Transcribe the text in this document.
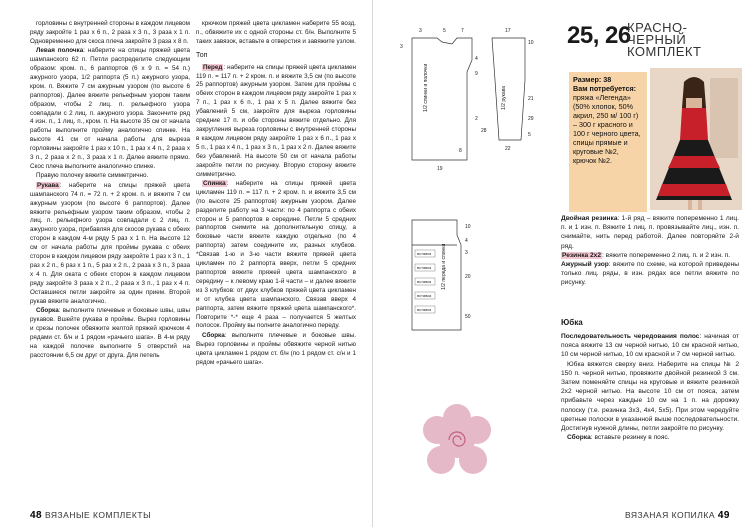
горловины с внутренней стороны в каждом лицевом ряду закройте 1 раз х 6 п., 2 раза х 3 п., 3 раза х 1 п. Одновременно для скоса плеча закройте 3 раза х 8 п.

Левая полочка: наберите на спицы пряжей цвета шампанского 62 п. Петли распределите следующим образом: кром. п., 6 раппортов (6 х 9 п. = 54 п.) ажурного узора, 1/2 раппорта (5 п.) ажурного узора, кром. п. Вяжите 7 см ажурным узором (по высоте 6 раппортов). Далее вяжите рельефным узором таким образом, чтобы 2 лиц. п. рельефного узора совпадали с 2 лиц. п. ажурного узора. Закончите ряд 4 изн. п., 1 лиц. п., кром. п. На высоте 35 см от начала работы выполните пройму аналогично спинке. На высоте 41 см от начала работы для выреза горловины закройте 1 раз х 10 п., 1 раз х 4 п., 2 раза х 3 п., 2 раза х 2 п., 3 раза х 1 п. Далее вяжите прямо. Скос плеча выполните аналогично спинке.

Правую полочку вяжите симметрично.

Рукава: наберите на спицы пряжей цвета шампанского 74 п. = 72 п. + 2 кром. п. и вяжите 7 см ажурным узором (по высоте 6 раппортов). Далее вяжите рельефным узором таким образом, чтобы 2 лиц. п. рельефного узора совпадали с 2 лиц. п. ажурного узора, прибавляя для скосов рукава с обеих сторон в каждом 4-м ряду 5 раз х 1 п. На высоте 12 см от начала работы для проймы рукава с обеих сторон в каждом лицевом ряду закройте 1 раз х 3 п., 1 раз х 2 п., 6 раз х 1 п., 5 раз х 2 п., 2 раза х 3 п., 3 раза х 4 п. Для оката с обеих сторон в каждом лицевом ряду закройте 3 раза х 2 п., 2 раза х 3 п., 1 раз х 4 п. Оставшиеся петли закройте за один прием. Второй рукав вяжите аналогично.

Сборка: выполните плечевые и боковые швы, швы рукавов. Вшейте рукава в проймы. Вырез горловины и срезы полочек обвяжите желтой пряжей крючком 4 рядами ст. б/н и 1 рядом «рачьего шага». В 4-м ряду на каждой полочке выполните 5 отверстий на расстоянии 6,5 см друг от друга. Для петель

крючком пряжей цвета цикламен наберите 55 возд. п., обвяжите их с одной стороны ст. б/н. Выполните 5 таких завязок, вставьте в отверстия и завяжите узлом.

Топ

Перед: наберите на спицы пряжей цвета цикламен 119 п. = 117 п. + 2 кром. п. и вяжите 3,5 см (по высоте 25 раппортов) ажурным узором. Затем для проймы с обеих сторон в каждом лицевом ряду закройте 1 раз х 7 п., 1 раз х 6 п., 1 раз х 5 п. Далее вяжите без убавлений 5 см, закройте для выреза горловины средние 17 п. и обе стороны вяжите отдельно. Для закругления выреза горловины с внутренней стороны в каждом лицевом ряду закройте 1 раз х 6 п., 1 раз х 5 п., 1 раз х 4 п., 1 раз х 3 п., 1 раз х 2 п. Далее вяжите без убавлений. На высоте 50 см от начала работы закройте петли по рисунку. Вторую сторону вяжите симметрично.

Спинка: наберите на спицы пряжей цвета цикламен 119 п. = 117 п. + 2 кром. п. и вяжите 3,5 см (по высоте 25 раппортов) ажурным узором. Далее разделите работу на 3 части: по 4 раппорта с обеих сторон и 5 раппортов в середине. Петли 5 средних раппортов снимите на дополнительную спицу, а боковые части вяжите каждую отдельно (по 4 раппорта) затем соедините их, разных клубков. *Связав 1-ю и 3-ю части вяжите пряжей цвета цикламен по 2 раппорта вверх, петли 5 средних раппортов вяжите пряжей цвета шампанского в середину – к левому краю 1-й части – и далее вяжите из 3 клубков: от двух клубков пряжей цвета цикламен и от клубка цвета шампанского. Связав вверх 4 раппорта, затем вяжите пряжей цвета шампанского*. Повторите *-* еще 4 раза – получается 5 желтых полосок. Пройму вы полните аналогично переду.

Сборка: выполните плечевые и боковые швы. Вырез горловины и проймы обвяжите черной нитью цвета цикламен 1 рядом ст. б/н (по 1 рядом ст. с/н и 1 рядом «рачьего шага».

48 ВЯЗАНЫЕ КОМПЛЕКТЫ
1/2 спинки и полочки	1/2 рукава
1/2 переда и спинки
3
3	5	7
4
9
2
8
28
19
17
10
21
29
5
22
10
4
3
20
50
вставка
вставка
вставка
вставка
вставка
25, 26
КРАСНО-
ЧЕРНЫЙ
КОМПЛЕКТ
Размер: 38
Вам потребуется: пряжа «Легенда» (50% хлопок, 50% акрил, 250 м/ 100 г) – 300 г красного и 100 г черного цвета, спицы прямые и круговые №2, крючок №2.

Двойная резинка: 1-й ряд – вяжите попеременно 1 лиц. п. и 1 изн. п. Вяжите 1 лиц. п. провязывайте лиц., изн. п. снимайте, нить перед работой. Далее повторяйте 2-й ряд.

Резинка 2х2: вяжите попеременно 2 лиц. п. и 2 изн. п.

Ажурный узор: вяжите по схеме, на которой приведены только лиц. ряды, в изн. рядах все петли вяжите по рисунку.

Юбка

Последовательность чередования полос: начиная от пояса вяжите 13 см черной нитью, 10 см красной нитью, 10 см черной нитью, 10 см красной и 7 см черной нитью.

Юбка вяжется сверху вниз. Наберите на спицы № 2 150 п. черной нитью, провяжите двойной резинкой 3 см. Затем поменяйте спицы на круговые и вяжите резинкой 2х2 черной нитью. На высоте 10 см от пояса, затем прибавьте через каждые 10 см на 1 п. на дорожку полоску (т.е. резинка 3х3, 4х4, 5х5). При этом чередуйте цветные полоски в указанной выше последовательности. Достигнув нужной длины, петли закройте по рисунку.

Сборка: вставьте резинку в пояс.

ВЯЗАНАЯ КОПИЛКА 49
